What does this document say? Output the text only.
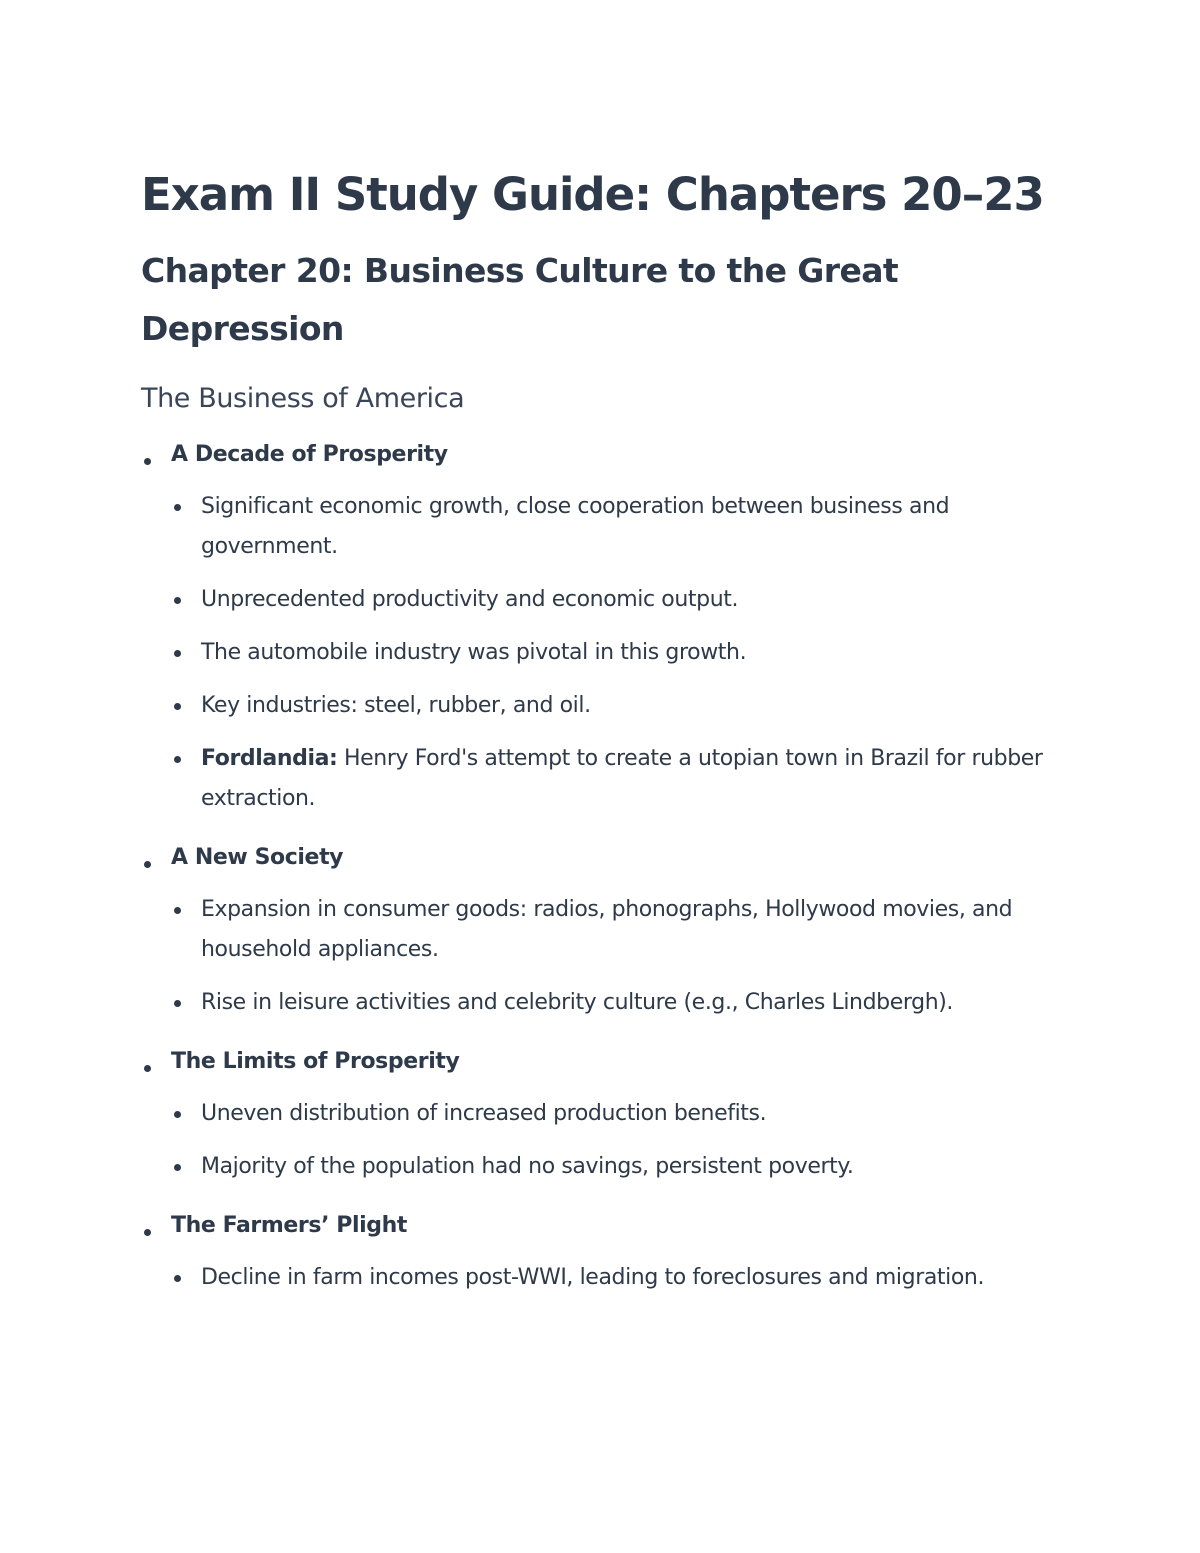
Exam II Study Guide: Chapters 20–23
Chapter 20: Business Culture to the Great Depression
The Business of America
A Decade of Prosperity
Significant economic growth, close cooperation between business and government.
Unprecedented productivity and economic output.
The automobile industry was pivotal in this growth.
Key industries: steel, rubber, and oil.
Fordlandia: Henry Ford's attempt to create a utopian town in Brazil for rubber extraction.
A New Society
Expansion in consumer goods: radios, phonographs, Hollywood movies, and household appliances.
Rise in leisure activities and celebrity culture (e.g., Charles Lindbergh).
The Limits of Prosperity
Uneven distribution of increased production benefits.
Majority of the population had no savings, persistent poverty.
The Farmers’ Plight
Decline in farm incomes post-WWI, leading to foreclosures and migration.
